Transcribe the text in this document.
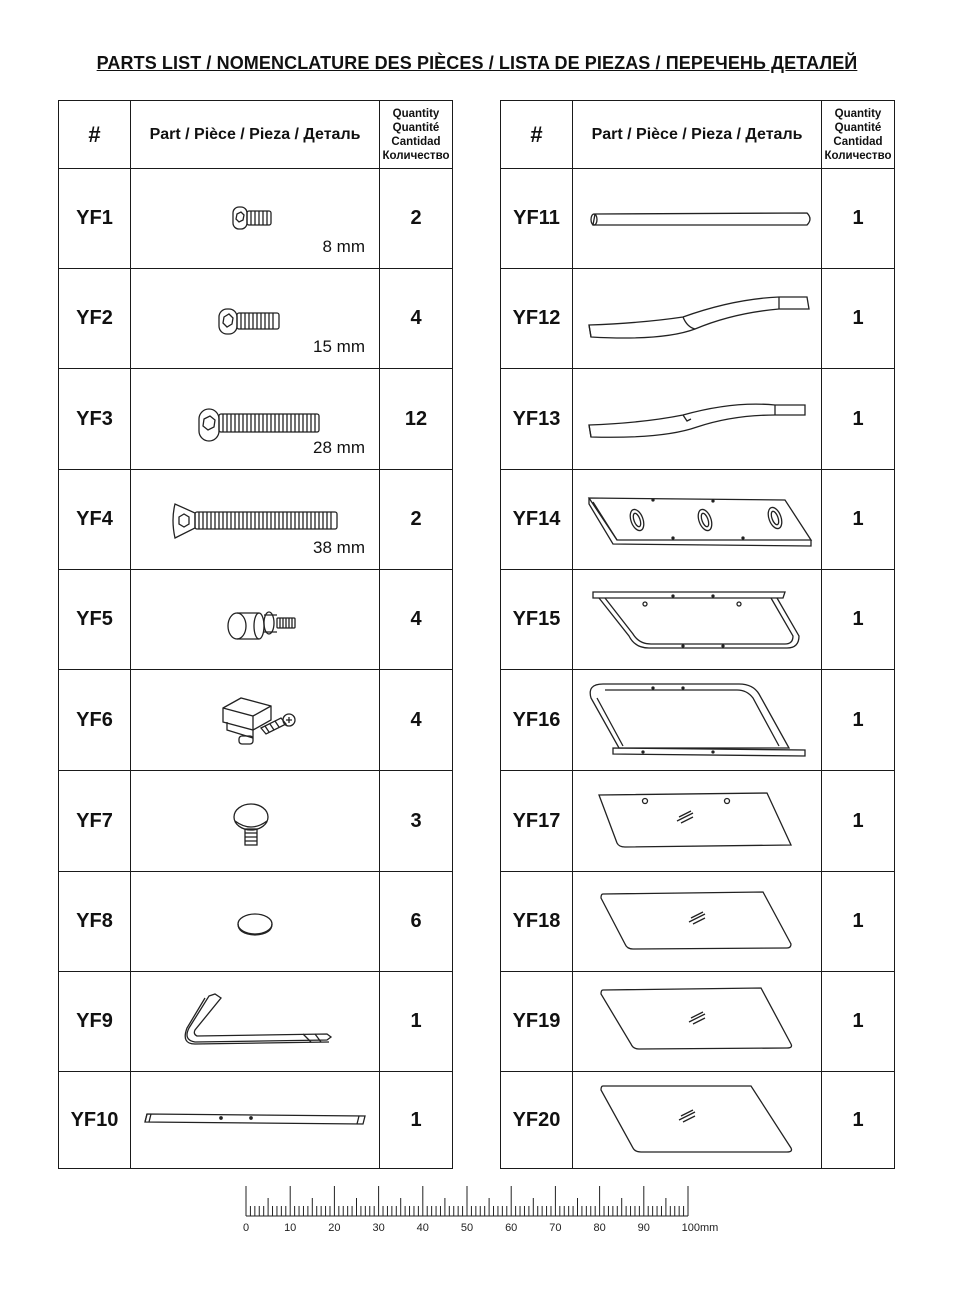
PARTS LIST / NOMENCLATURE DES PIÈCES / LISTA DE PIEZAS / ПЕРЕЧЕНЬ ДЕТАЛЕЙ
#	Part / Pièce / Pieza / Деталь	Quantity
Quantité
Cantidad
Количество

YF1	8 mm	2
YF2	15 mm	4
YF3	28 mm	12
YF4	38 mm	2
YF5		4
YF6		4
YF7		3
YF8		6
YF9		1
YF10		1
#	Part / Pièce / Pieza / Деталь	Quantity
Quantité
Cantidad
Количество

YF11		1
YF12		1
YF13		1
YF14		1
YF15		1
YF16		1
YF17		1
YF18		1
YF19		1
YF20		1
0	10	20	30	40	50	60	70	80	90	100mm
